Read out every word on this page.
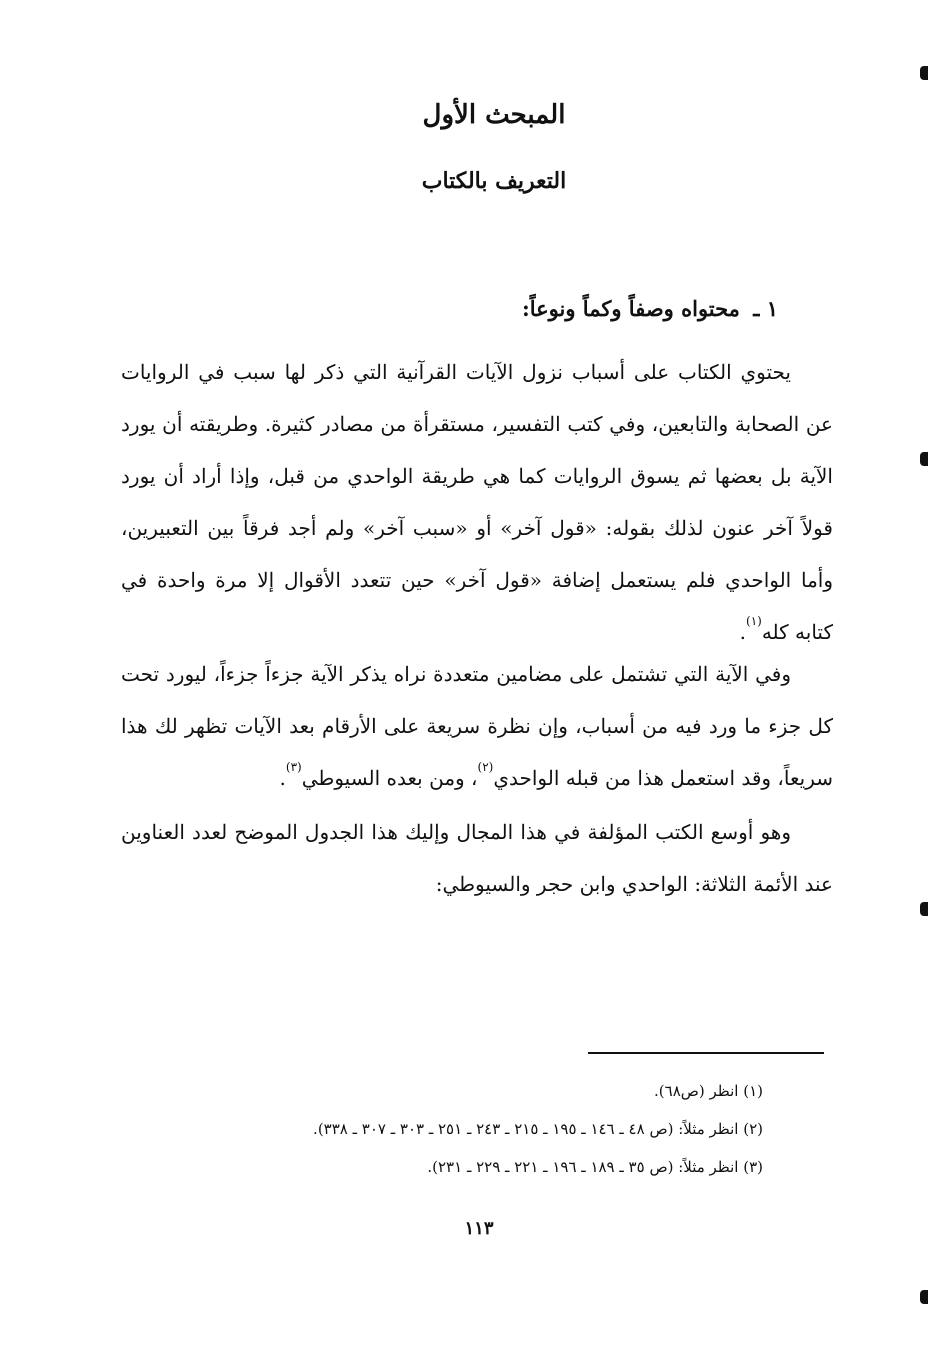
المبحث الأول
التعريف بالكتاب
١ ـ محتواه وصفاً وكماً ونوعاً:

يحتوي الكتاب على أسباب نزول الآيات القرآنية التي ذكر لها سبب في الروايات عن الصحابة والتابعين، وفي كتب التفسير، مستقرأة من مصادر كثيرة. وطريقته أن يورد الآية بل بعضها ثم يسوق الروايات كما هي طريقة الواحدي من قبل، وإذا أراد أن يورد قولاً آخر عنون لذلك بقوله: «قول آخر» أو «سبب آخر» ولم أجد فرقاً بين التعبيرين، وأما الواحدي فلم يستعمل إضافة «قول آخر» حين تتعدد الأقوال إلا مرة واحدة في كتابه كله$^{(١)}$.

وفي الآية التي تشتمل على مضامين متعددة نراه يذكر الآية جزءاً جزءاً، ليورد تحت كل جزء ما ورد فيه من أسباب، وإن نظرة سريعة على الأرقام بعد الآيات تظهر لك هذا سريعاً، وقد استعمل هذا من قبله الواحدي$^{(٢)}$، ومن بعده السيوطي$^{(٣)}$.

وهو أوسع الكتب المؤلفة في هذا المجال وإليك هذا الجدول الموضح لعدد العناوين عند الأئمة الثلاثة: الواحدي وابن حجر والسيوطي:

(١) انظر (ص٦٨).
(٢) انظر مثلاً: (ص ٤٨ ـ ١٤٦ ـ ١٩٥ ـ ٢١٥ ـ ٢٤٣ ـ ٢٥١ ـ ٣٠٣ ـ ٣٠٧ ـ ٣٣٨).
(٣) انظر مثلاً: (ص ٣٥ ـ ١٨٩ ـ ١٩٦ ـ ٢٢١ ـ ٢٢٩ ـ ٢٣١).
١١٣
